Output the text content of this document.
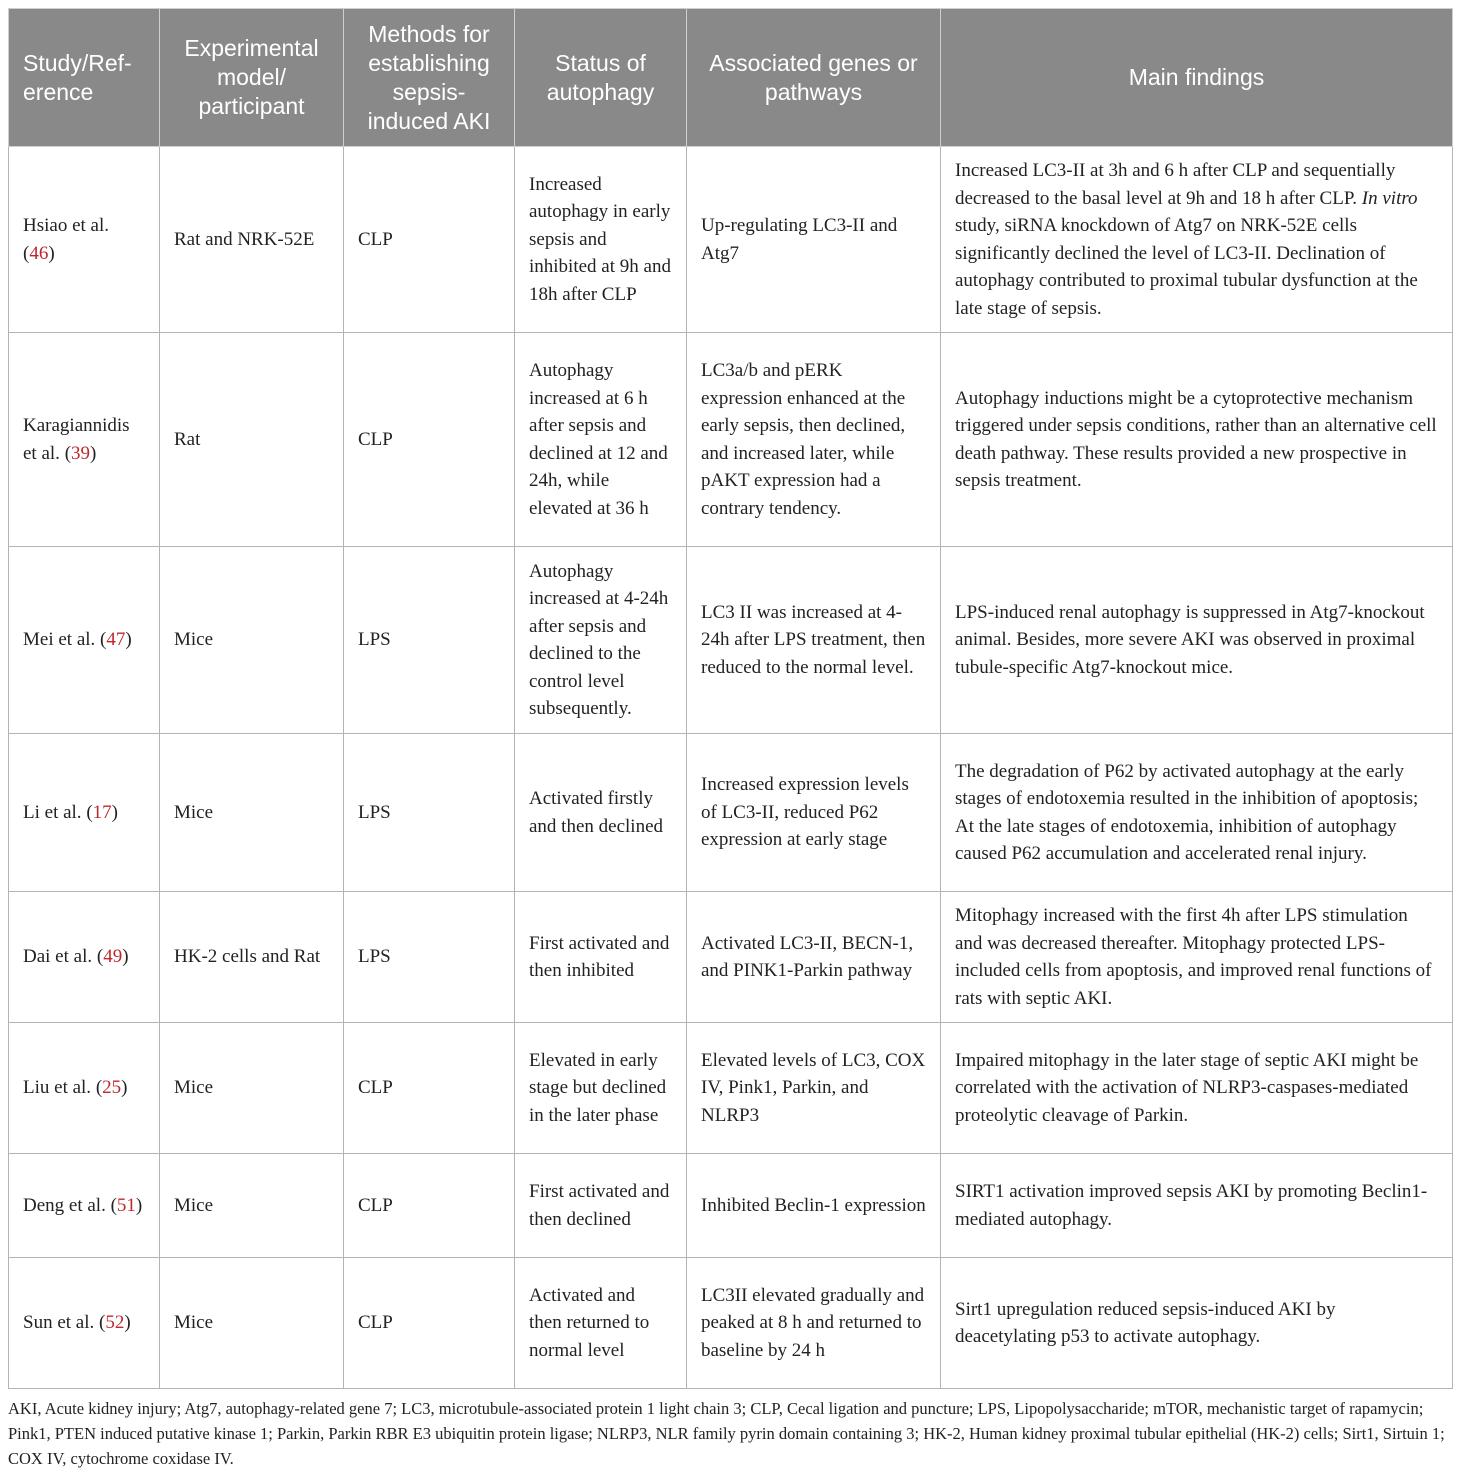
Study/Ref-erence	Experimental model/ participant	Methods for establishing sepsis-induced AKI	Status of autophagy	Associated genes or pathways	Main findings
Hsiao et al. (46)	Rat and NRK-52E	CLP	Increased autophagy in early sepsis and inhibited at 9h and 18h after CLP	Up-regulating LC3-II and Atg7	Increased LC3-II at 3h and 6 h after CLP and sequentially decreased to the basal level at 9h and 18 h after CLP. In vitro study, siRNA knockdown of Atg7 on NRK-52E cells significantly declined the level of LC3-II. Declination of autophagy contributed to proximal tubular dysfunction at the late stage of sepsis.
Karagiannidis et al. (39)	Rat	CLP	Autophagy increased at 6 h after sepsis and declined at 12 and 24h, while elevated at 36 h	LC3a/b and pERK expression enhanced at the early sepsis, then declined, and increased later, while pAKT expression had a contrary tendency.	Autophagy inductions might be a cytoprotective mechanism triggered under sepsis conditions, rather than an alternative cell death pathway. These results provided a new prospective in sepsis treatment.
Mei et al. (47)	Mice	LPS	Autophagy increased at 4-24h after sepsis and declined to the control level subsequently.	LC3 II was increased at 4-24h after LPS treatment, then reduced to the normal level.	LPS-induced renal autophagy is suppressed in Atg7-knockout animal. Besides, more severe AKI was observed in proximal tubule-specific Atg7-knockout mice.
Li et al. (17)	Mice	LPS	Activated firstly and then declined	Increased expression levels of LC3-II, reduced P62 expression at early stage	The degradation of P62 by activated autophagy at the early stages of endotoxemia resulted in the inhibition of apoptosis; At the late stages of endotoxemia, inhibition of autophagy caused P62 accumulation and accelerated renal injury.
Dai et al. (49)	HK-2 cells and Rat	LPS	First activated and then inhibited	Activated LC3-II, BECN-1, and PINK1-Parkin pathway	Mitophagy increased with the first 4h after LPS stimulation and was decreased thereafter. Mitophagy protected LPS-included cells from apoptosis, and improved renal functions of rats with septic AKI.
Liu et al. (25)	Mice	CLP	Elevated in early stage but declined in the later phase	Elevated levels of LC3, COX IV, Pink1, Parkin, and NLRP3	Impaired mitophagy in the later stage of septic AKI might be correlated with the activation of NLRP3-caspases-mediated proteolytic cleavage of Parkin.
Deng et al. (51)	Mice	CLP	First activated and then declined	Inhibited Beclin-1 expression	SIRT1 activation improved sepsis AKI by promoting Beclin1-mediated autophagy.
Sun et al. (52)	Mice	CLP	Activated and then returned to normal level	LC3II elevated gradually and peaked at 8 h and returned to baseline by 24 h	Sirt1 upregulation reduced sepsis-induced AKI by deacetylating p53 to activate autophagy.
AKI, Acute kidney injury; Atg7, autophagy-related gene 7; LC3, microtubule-associated protein 1 light chain 3; CLP, Cecal ligation and puncture; LPS, Lipopolysaccharide; mTOR, mechanistic target of rapamycin; Pink1, PTEN induced putative kinase 1; Parkin, Parkin RBR E3 ubiquitin protein ligase; NLRP3, NLR family pyrin domain containing 3; HK-2, Human kidney proximal tubular epithelial (HK-2) cells; Sirt1, Sirtuin 1; COX IV, cytochrome coxidase IV.
